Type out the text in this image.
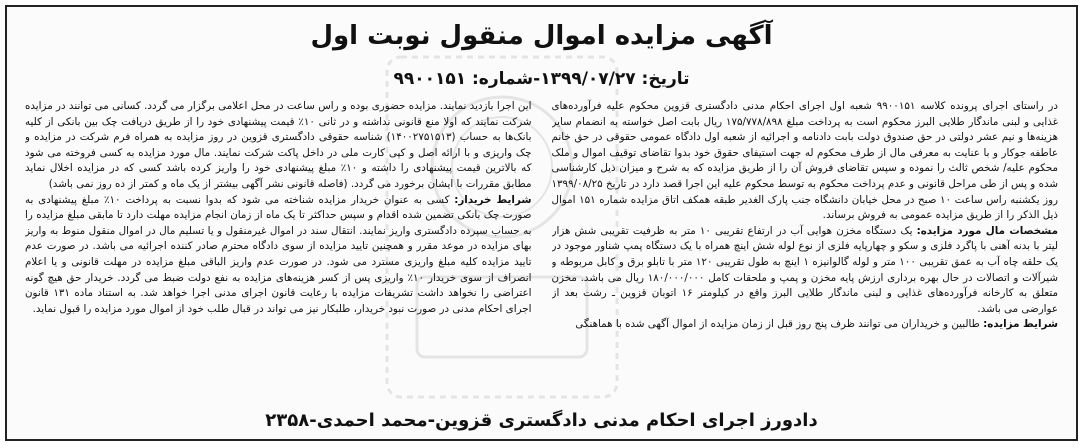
آگهی مزایده اموال منقول نوبت اول
تاریخ: ۱۳۹۹/۰۷/۲۷-شماره: ۹۹۰۰۱۵۱

در راستای اجرای پرونده کلاسه ۹۹۰۰۱۵۱ شعبه اول اجرای احکام مدنی دادگستری قزوین محکوم علیه فرآورده‌های غذایی و لبنی ماندگار طلایی البرز محکوم است به پرداخت مبلغ ۱۷۵/۷۷۸/۸۹۸ ریال بابت اصل خواسته به انضمام سایر هزینه‌ها و نیم عشر دولتی در حق صندوق دولت بابت دادنامه و اجرائیه از شعبه اول دادگاه عمومی حقوقی در حق خانم عاطفه جوکار و با عنایت به معرفی مال از طرف محکوم له جهت استیفای حقوق خود بدوا تقاضای توقیف اموال و ملک محکوم علیه/ شخص ثالث را نموده و سپس تقاضای فروش آن را از طریق مزایده که به شرح و میزان ذیل کارشناسی شده و پس از طی مراحل قانونی و عدم پرداخت محکوم به توسط محکوم علیه این اجرا قصد دارد در تاریخ ۱۳۹۹/۰۸/۲۵ روز یکشنبه راس ساعت ۱۰ صبح در محل خیابان دانشگاه جنب پارک الغدیر طبقه همکف اتاق مزایده شماره ۱۵۱ اموال ذیل الذکر را از طریق مزایده عمومی به فروش برساند.

مشخصات مال مورد مزایده: یک دستگاه مخزن هوایی آب در ارتفاع تقریبی ۱۰ متر به ظرفیت تقریبی شش هزار لیتر با بدنه آهنی با پاگرد فلزی و سکو و چهارپایه فلزی از نوع لوله شش اینچ همراه با یک دستگاه پمپ شناور موجود در یک حلقه چاه آب به عمق تقریبی ۱۰۰ متر و لوله گالوانیزه ۱ اینچ به طول تقریبی ۱۲۰ متر با تابلو برق و کابل مربوطه و شیرآلات و اتصالات در حال بهره برداری ارزش پایه مخزن و پمپ و ملحقات کامل ۱۸۰/۰۰۰/۰۰۰ ریال می باشد. مخزن متعلق به کارخانه فرآورده‌های غذایی و لبنی ماندگار طلایی البرز واقع در کیلومتر ۱۶ اتوبان قزوین ـ رشت بعد از عوارضی می باشد.

شرایط مزایده: طالبین و خریداران می توانند ظرف پنج روز قبل از زمان مزایده از اموال آگهی شده با هماهنگی

این اجرا بازدید نمایند. مزایده حضوری بوده و راس ساعت در محل اعلامی برگزار می گردد. کسانی می توانند در مزایده شرکت نمایند که اولا منع قانونی نداشته و در ثانی ۱۰٪ قیمت پیشنهادی خود را از طریق دریافت چک بین بانکی از کلیه بانک‌ها به حساب (۱۴۰۰۲۷۵۱۵۱۳) شناسه حقوقی دادگستری قزوین در روز مزایده به همراه فرم شرکت در مزایده و چک واریزی و با ارائه اصل و کپی کارت ملی در داخل پاکت شرکت نمایند. مال مورد مزایده به کسی فروخته می شود که بالاترین قیمت پیشنهادی را داشته و ۱۰٪ مبلغ پیشنهادی خود را واریز کرده باشد کسی که در مزایده اخلال نماید مطابق مقررات با ایشان برخورد می گردد. (فاصله قانونی نشر آگهی بیشتر از یک ماه و کمتر از ده روز نمی باشد)

شرایط خریدار: کسی به عنوان خریدار مزایده شناخته می شود که بدوا نسبت به پرداخت ۱۰٪ مبلغ پیشنهادی به صورت چک بانکی تضمین شده اقدام و سپس حداکثر تا یک ماه از زمان انجام مزایده مهلت دارد تا مابقی مبلغ مزایده را به حساب سپرده دادگستری واریز نمایند. انتقال سند در اموال غیرمنقول و یا تسلیم مال در اموال منقول منوط به واریز بهای مزایده در موعد مقرر و همچنین تایید مزایده از سوی دادگاه محترم صادر کننده اجرائیه می باشد. در صورت عدم تایید مزایده کلیه مبلغ واریزی مسترد می شود. در صورت عدم واریز الباقی مبلغ مزایده در مهلت قانونی و یا اعلام انصراف از سوی خریدار ۱۰٪ واریزی پس از کسر هزینه‌های مزایده به نفع دولت ضبط می گردد. خریدار حق هیچ گونه اعتراضی را نخواهد داشت تشریفات مزایده با رعایت قانون اجرای مدنی اجرا خواهد شد. به استناد ماده ۱۳۱ قانون اجرای احکام مدنی در صورت نبود خریدار، طلبکار نیز می تواند در قبال طلب خود از اموال مورد مزایده را قبول نماید.

دادورز اجرای احکام مدنی دادگستری قزوین-محمد احمدی-۲۳۵۸
